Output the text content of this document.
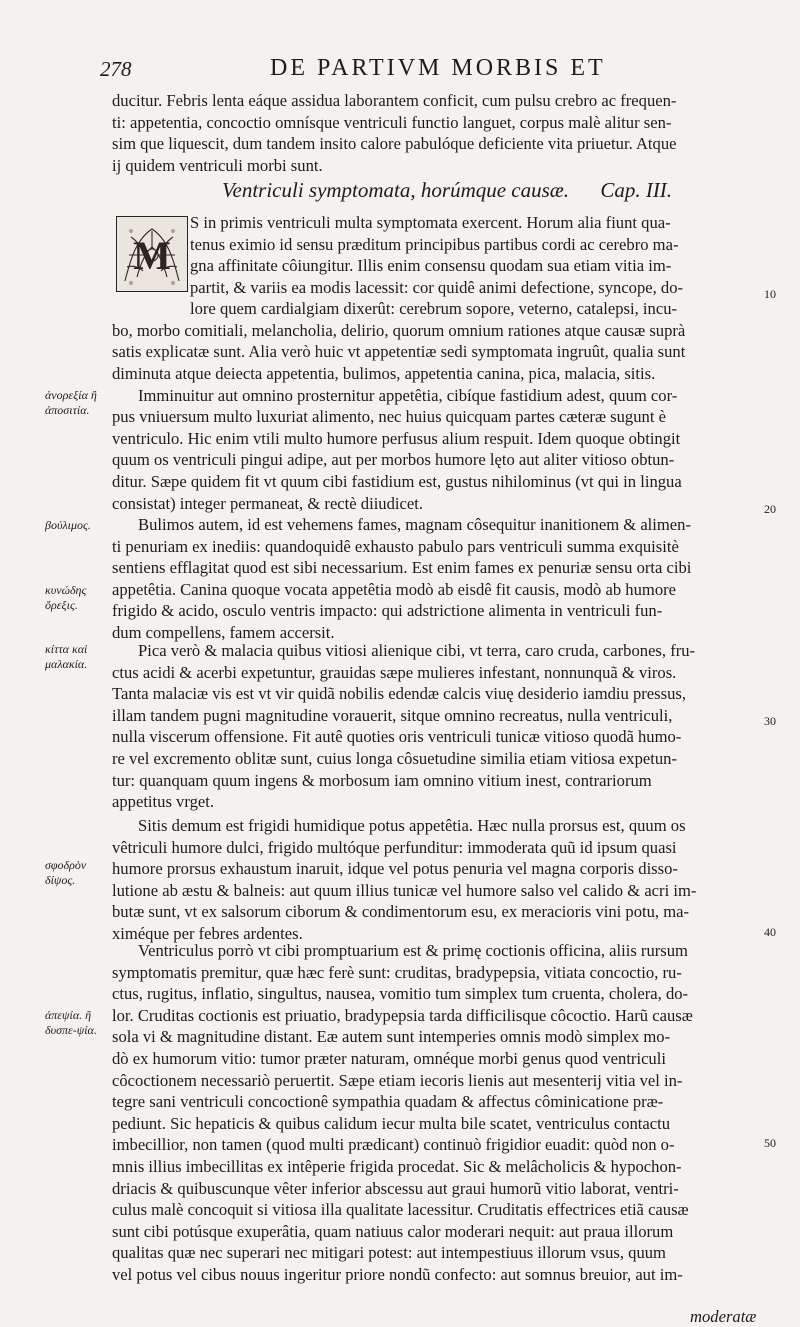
278	DE PARTIVM MORBIS ET
ducitur. Febris lenta eáque assidua laborantem conficit, cum pulsu crebro ac frequen-
ti: appetentia, concoctio omnísque ventriculi functio languet, corpus malè alitur sen-
sim que liquescit, dum tandem insito calore pabulóque deficiente vita priuetur. Atque
ij quidem ventriculi morbi sunt.
Ventriculi symptomata, horúmque causæ. Cap. III.
M
S in primis ventriculi multa symptomata exercent. Horum alia fiunt qua-
tenus eximio id sensu præditum principibus partibus cordi ac cerebro ma-
gna affinitate côiungitur. Illis enim consensu quodam sua etiam vitia im-
partit, & variis ea modis lacessit: cor quidê animi defectione, syncope, do-
lore quem cardialgiam dixerût: cerebrum sopore, veterno, catalepsi, incu-
bo, morbo comitiali, melancholia, delirio, quorum omnium rationes atque causæ suprà
satis explicatæ sunt. Alia verò huic vt appetentiæ sedi symptomata ingruût, qualia sunt
diminuta atque deiecta appetentia, bulimos, appetentia canina, pica, malacia, sitis.
Imminuitur aut omnino prosternitur appetêtia, cibíque fastidium adest, quum cor-
pus vniuersum multo luxuriat alimento, nec huius quicquam partes cæteræ sugunt è
ventriculo. Hic enim vtili multo humore perfusus alium respuit. Idem quoque obtingit
quum os ventriculi pingui adipe, aut per morbos humore lęto aut aliter vitioso obtun-
ditur. Sæpe quidem fit vt quum cibi fastidium est, gustus nihilominus (vt qui in lingua
consistat) integer permaneat, & rectè diiudicet.
Bulimos autem, id est vehemens fames, magnam côsequitur inanitionem & alimen-
ti penuriam ex inediis: quandoquidê exhausto pabulo pars ventriculi summa exquisitè
sentiens efflagitat quod est sibi necessarium. Est enim fames ex penuriæ sensu orta cibi
appetêtia. Canina quoque vocata appetêtia modò ab eisdê fit causis, modò ab humore
frigido & acido, osculo ventris impacto: qui adstrictione alimenta in ventriculi fun-
dum compellens, famem accersit.
Pica verò & malacia quibus vitiosi alienique cibi, vt terra, caro cruda, carbones, fru-
ctus acidi & acerbi expetuntur, grauidas sæpe mulieres infestant, nonnunquã & viros.
Tanta malaciæ vis est vt vir quidã nobilis edendæ calcis viuę desiderio iamdiu pressus,
illam tandem pugni magnitudine vorauerit, sitque omnino recreatus, nulla ventriculi,
nulla viscerum offensione. Fit autê quoties oris ventriculi tunicæ vitioso quodã humo-
re vel excremento oblitæ sunt, cuius longa côsuetudine similia etiam vitiosa expetun-
tur: quanquam quum ingens & morbosum iam omnino vitium inest, contrariorum
appetitus vrget.
Sitis demum est frigidi humidique potus appetêtia. Hæc nulla prorsus est, quum os
vêtriculi humore dulci, frigido multóque perfunditur: immoderata quũ id ipsum quasi
humore prorsus exhaustum inaruit, idque vel potus penuria vel magna corporis disso-
lutione ab æstu & balneis: aut quum illius tunicæ vel humore salso vel calido & acri im-
butæ sunt, vt ex salsorum ciborum & condimentorum esu, ex meracioris vini potu, ma-
ximéque per febres ardentes.
Ventriculus porrò vt cibi promptuarium est & primę coctionis officina, aliis rursum
symptomatis premitur, quæ hæc ferè sunt: cruditas, bradypepsia, vitiata concoctio, ru-
ctus, rugitus, inflatio, singultus, nausea, vomitio tum simplex tum cruenta, cholera, do-
lor. Cruditas coctionis est priuatio, bradypepsia tarda difficilisque côcoctio. Harũ causæ
sola vi & magnitudine distant. Eæ autem sunt intemperies omnis modò simplex mo-
dò ex humorum vitio: tumor præter naturam, omnéque morbi genus quod ventriculi
côcoctionem necessariò peruertit. Sæpe etiam iecoris lienis aut mesenterij vitia vel in-
tegre sani ventriculi concoctionê sympathia quadam & affectus côminicatione præ-
pediunt. Sic hepaticis & quibus calidum iecur multa bile scatet, ventriculus contactu
imbecillior, non tamen (quod multi prædicant) continuò frigidior euadit: quòd non o-
mnis illius imbecillitas ex intêperie frigida procedat. Sic & melâcholicis & hypochon-
driacis & quibuscunque vêter inferior abscessu aut graui humorũ vitio laborat, ventri-
culus malè concoquit si vitiosa illa qualitate lacessitur. Cruditatis effectrices etiã causæ
sunt cibi potúsque exuperâtia, quam natiuus calor moderari nequit: aut praua illorum
qualitas quæ nec superari nec mitigari potest: aut intempestiuus illorum vsus, quum
vel potus vel cibus nouus ingeritur priore nondũ confecto: aut somnus breuior, aut im-
moderatæ
ἀνορεξία ἢ ἀποσιτία.
βούλιμος.
κυνώδης ὄρεξις.
κίττα καὶ μαλακία.
σφοδρὸν δίψος.
ἀπεψία. ἢ δυσπε-ψία.
10
20
30
40
50
